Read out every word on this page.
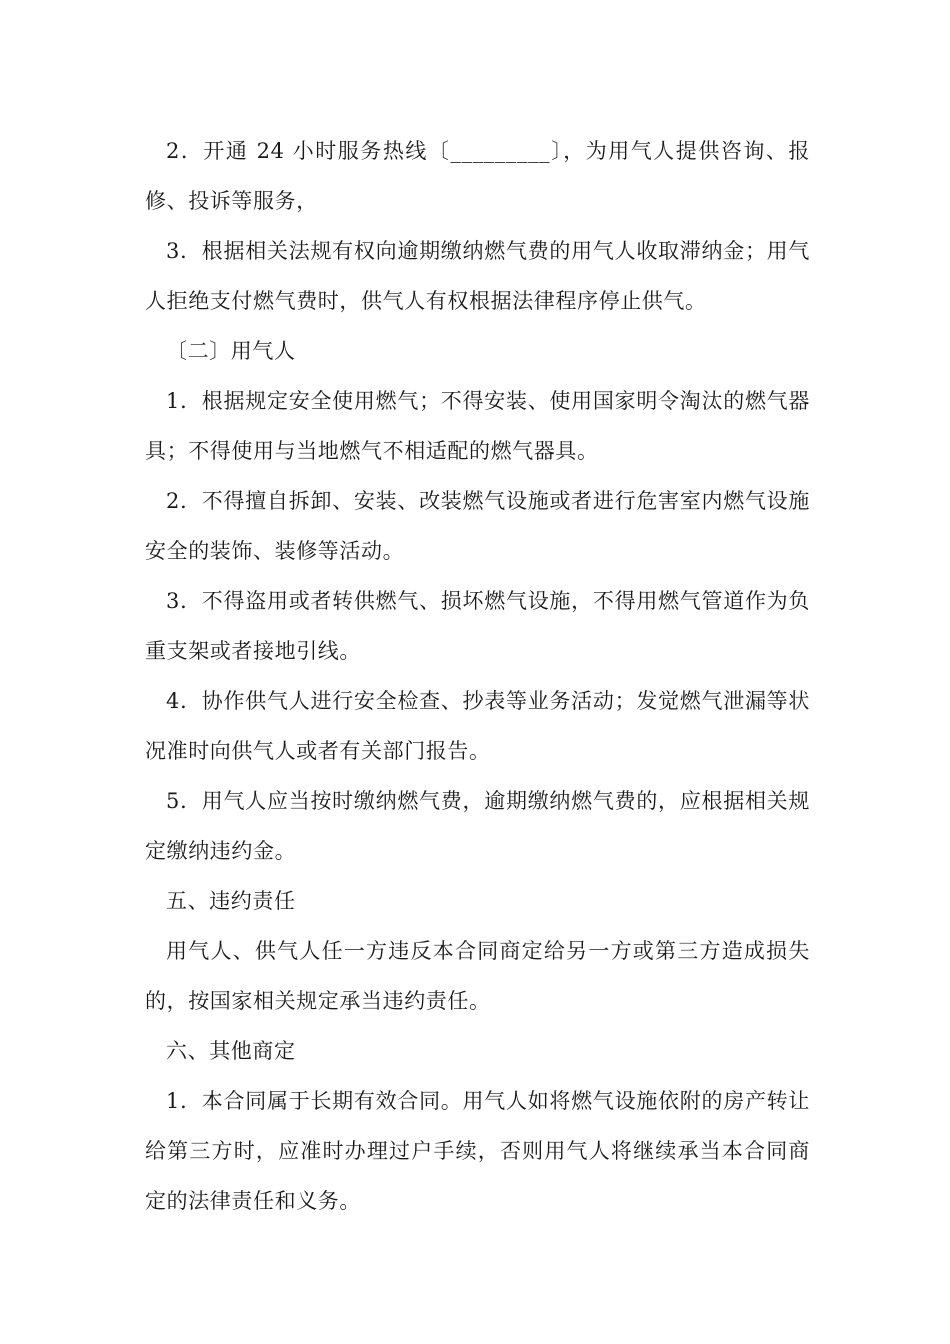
2．开通 24 小时服务热线〔_________〕，为用气人提供咨询、报修、投诉等服务，

3．根据相关法规有权向逾期缴纳燃气费的用气人收取滞纳金；用气人拒绝支付燃气费时，供气人有权根据法律程序停止供气。

〔二〕用气人

1．根据规定安全使用燃气；不得安装、使用国家明令淘汰的燃气器具；不得使用与当地燃气不相适配的燃气器具。

2．不得擅自拆卸、安装、改装燃气设施或者进行危害室内燃气设施安全的装饰、装修等活动。

3．不得盗用或者转供燃气、损坏燃气设施，不得用燃气管道作为负重支架或者接地引线。

4．协作供气人进行安全检查、抄表等业务活动；发觉燃气泄漏等状况准时向供气人或者有关部门报告。

5．用气人应当按时缴纳燃气费，逾期缴纳燃气费的，应根据相关规定缴纳违约金。

五、违约责任

用气人、供气人任一方违反本合同商定给另一方或第三方造成损失的，按国家相关规定承当违约责任。

六、其他商定

1．本合同属于长期有效合同。用气人如将燃气设施依附的房产转让给第三方时，应准时办理过户手续，否则用气人将继续承当本合同商定的法律责任和义务。
